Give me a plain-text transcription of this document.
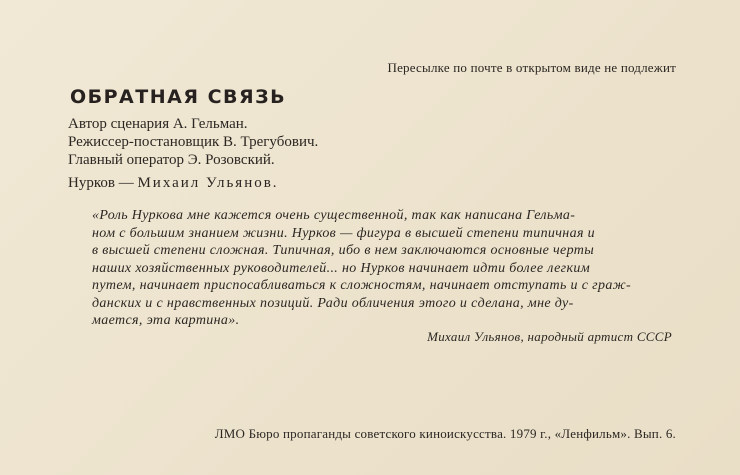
Пересылке по почте в открытом виде не подлежит
ОБРАТНАЯ СВЯЗЬ
Автор сценария А. Гельман.
Режиссер-постановщик В. Трегубович.
Главный оператор Э. Розовский.
Нурков — Михаил Ульянов.
«Роль Нуркова мне кажется очень существенной, так как написана Гельма-
ном с большим знанием жизни. Нурков — фигура в высшей степени типичная и
в высшей степени сложная. Типичная, ибо в нем заключаются основные черты
наших хозяйственных руководителей... но Нурков начинает идти более легким
путем, начинает приспосабливаться к сложностям, начинает отступать и с граж-
данских и с нравственных позиций. Ради обличения этого и сделана, мне ду-
мается, эта картина».
Михаил Ульянов, народный артист СССР
ЛМО Бюро пропаганды советского киноискусства. 1979 г., «Ленфильм». Вып. 6.
